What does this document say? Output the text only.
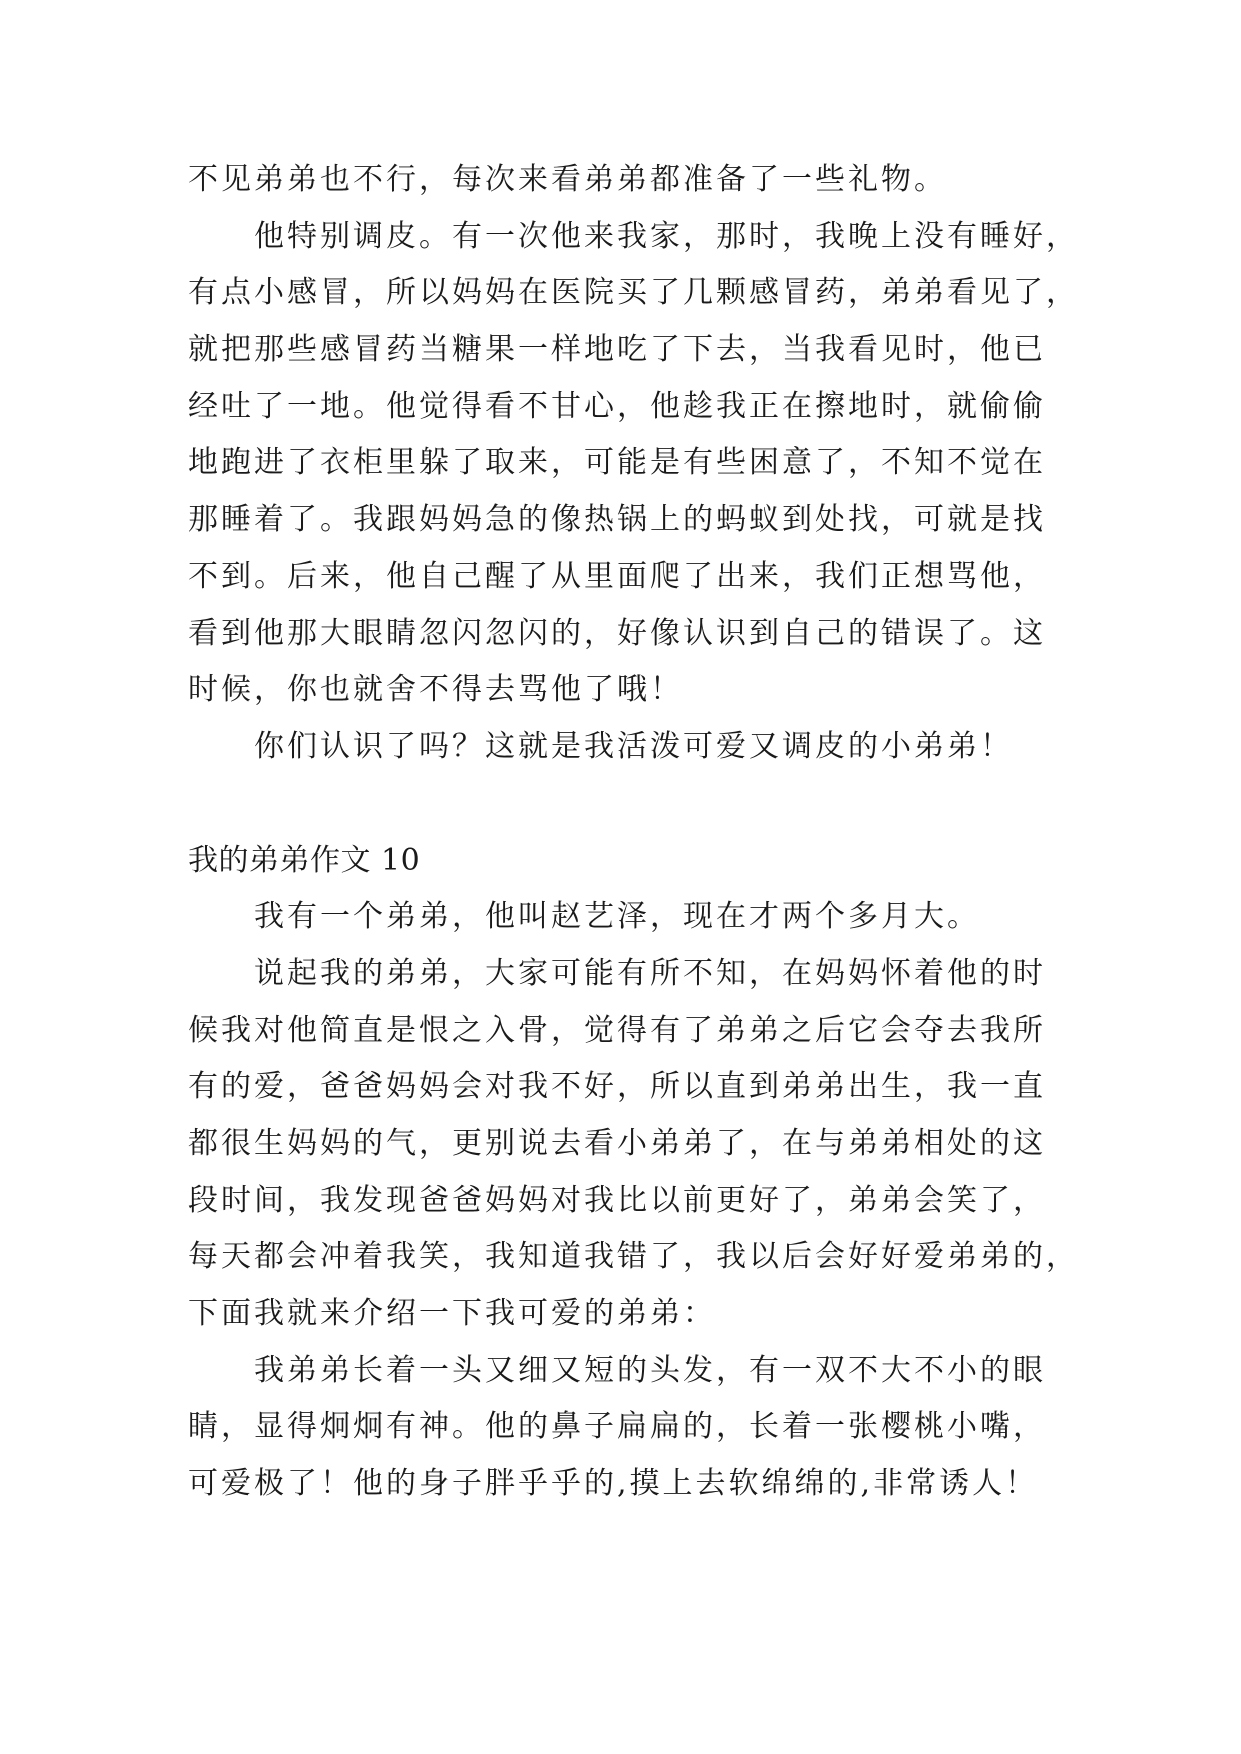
不见弟弟也不行，每次来看弟弟都准备了一些礼物。
他特别调皮。有一次他来我家，那时，我晚上没有睡好，
有点小感冒，所以妈妈在医院买了几颗感冒药，弟弟看见了，
就把那些感冒药当糖果一样地吃了下去，当我看见时，他已
经吐了一地。他觉得看不甘心，他趁我正在擦地时，就偷偷
地跑进了衣柜里躲了取来，可能是有些困意了，不知不觉在
那睡着了。我跟妈妈急的像热锅上的蚂蚁到处找，可就是找
不到。后来，他自己醒了从里面爬了出来，我们正想骂他，
看到他那大眼睛忽闪忽闪的，好像认识到自己的错误了。这
时候，你也就舍不得去骂他了哦！
你们认识了吗？这就是我活泼可爱又调皮的小弟弟！
我的弟弟作文 10
我有一个弟弟，他叫赵艺泽，现在才两个多月大。
说起我的弟弟，大家可能有所不知，在妈妈怀着他的时
候我对他简直是恨之入骨，觉得有了弟弟之后它会夺去我所
有的爱，爸爸妈妈会对我不好，所以直到弟弟出生，我一直
都很生妈妈的气，更别说去看小弟弟了，在与弟弟相处的这
段时间，我发现爸爸妈妈对我比以前更好了，弟弟会笑了，
每天都会冲着我笑，我知道我错了，我以后会好好爱弟弟的，
下面我就来介绍一下我可爱的弟弟：
我弟弟长着一头又细又短的头发，有一双不大不小的眼
睛，显得炯炯有神。他的鼻子扁扁的，长着一张樱桃小嘴，
可爱极了！他的身子胖乎乎的,摸上去软绵绵的,非常诱人！
